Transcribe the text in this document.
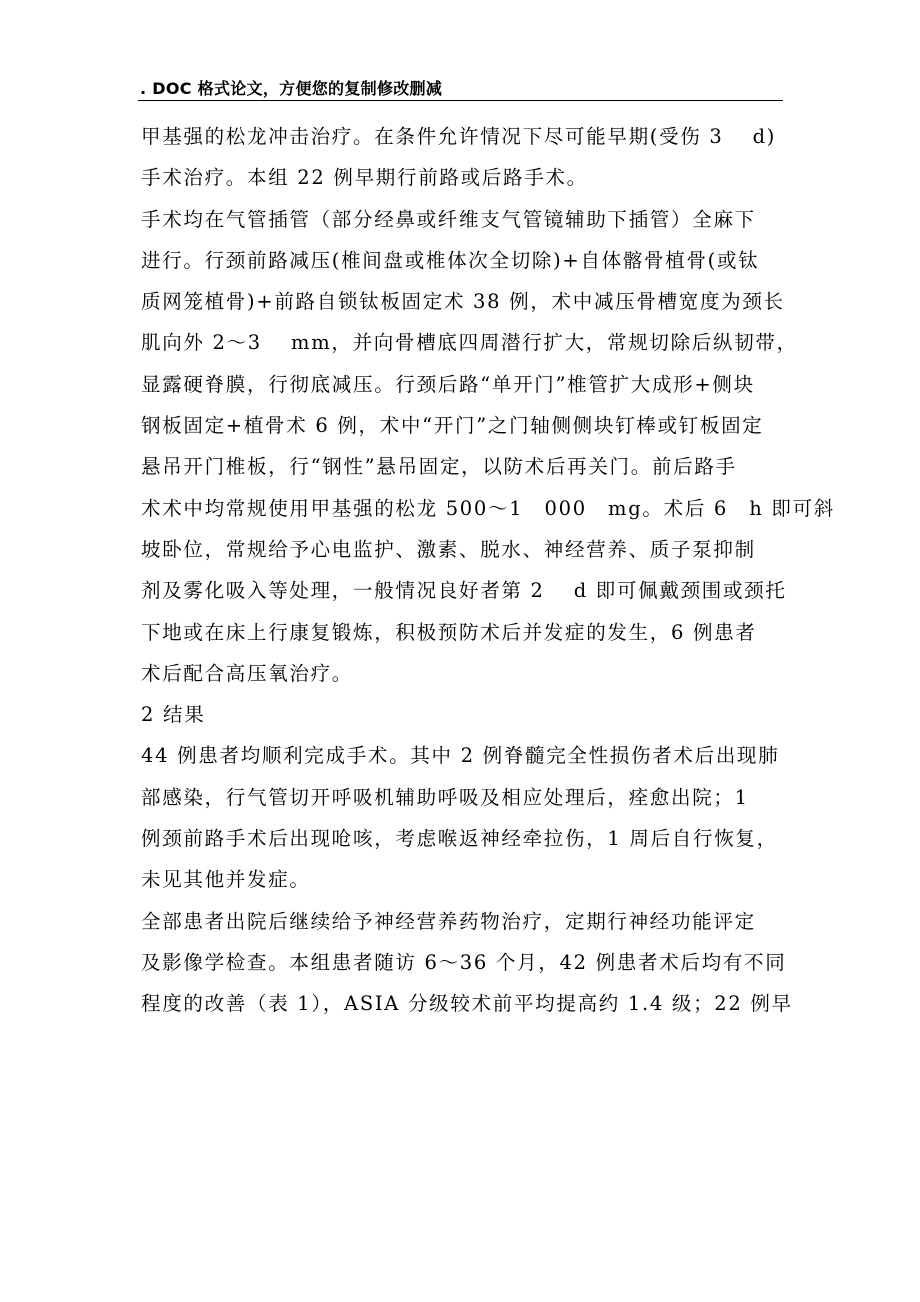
. DOC 格式论文，方便您的复制修改删减
甲基强的松龙冲击治疗。在条件允许情况下尽可能早期(受伤 3　 d)
手术治疗。本组 22 例早期行前路或后路手术。
手术均在气管插管（部分经鼻或纤维支气管镜辅助下插管）全麻下
进行。行颈前路减压(椎间盘或椎体次全切除)+自体髂骨植骨(或钛
质网笼植骨)+前路自锁钛板固定术 38 例，术中减压骨槽宽度为颈长
肌向外 2～3　 mm，并向骨槽底四周潜行扩大，常规切除后纵韧带，
显露硬脊膜，行彻底减压。行颈后路“单开门”椎管扩大成形+侧块
钢板固定+植骨术 6 例，术中“开门”之门轴侧侧块钉棒或钉板固定
悬吊开门椎板，行“钢性”悬吊固定，以防术后再关门。前后路手
术术中均常规使用甲基强的松龙 500～1　000　mg。术后 6　h 即可斜
坡卧位，常规给予心电监护、激素、脱水、神经营养、质子泵抑制
剂及雾化吸入等处理，一般情况良好者第 2　 d 即可佩戴颈围或颈托
下地或在床上行康复锻炼，积极预防术后并发症的发生，6 例患者
术后配合高压氧治疗。
2 结果
44 例患者均顺利完成手术。其中 2 例脊髓完全性损伤者术后出现肺
部感染，行气管切开呼吸机辅助呼吸及相应处理后，痊愈出院；1
例颈前路手术后出现呛咳，考虑喉返神经牵拉伤，1 周后自行恢复，
未见其他并发症。
全部患者出院后继续给予神经营养药物治疗，定期行神经功能评定
及影像学检查。本组患者随访 6～36 个月，42 例患者术后均有不同
程度的改善（表 1），ASIA 分级较术前平均提高约 1.4 级；22 例早
